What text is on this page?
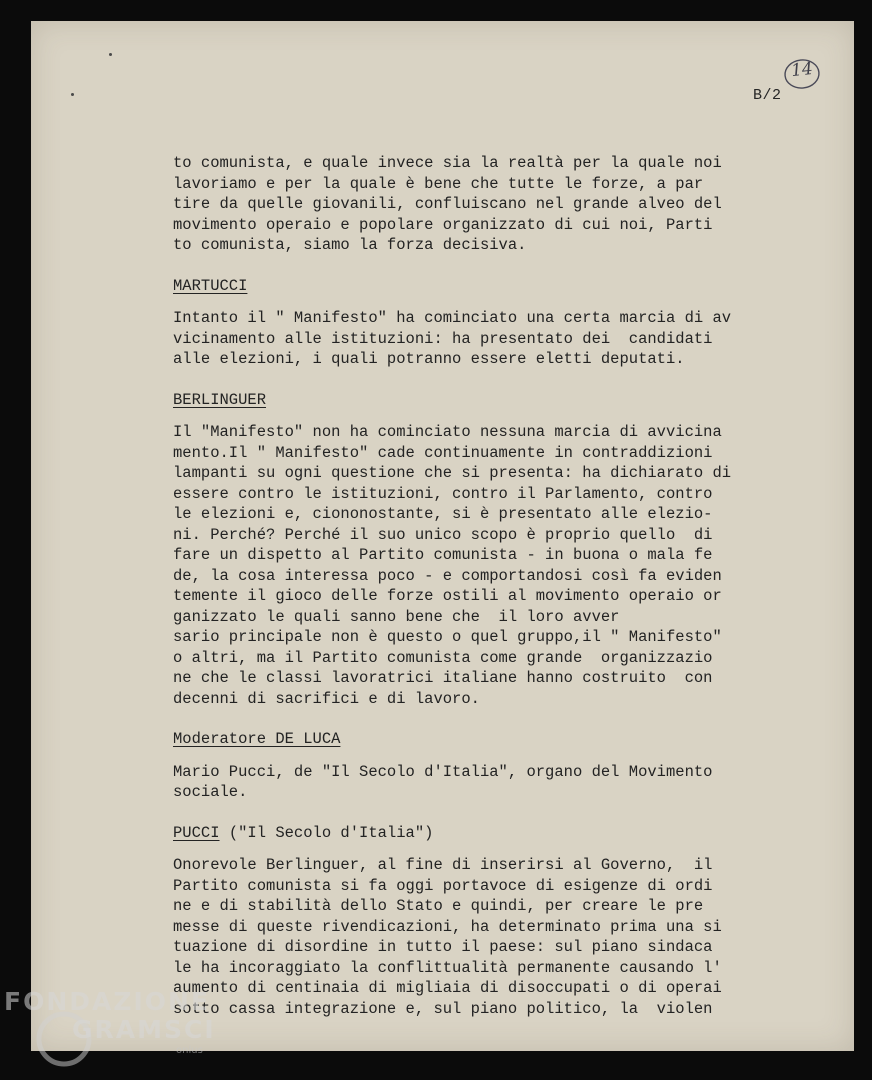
14
B/2

to comunista, e quale invece sia la realtà per la quale noi

lavoriamo e per la quale è bene che tutte le forze, a par

tire da quelle giovanili, confluiscano nel grande alveo del

movimento operaio e popolare organizzato di cui noi, Parti

to comunista, siamo la forza decisiva.

MARTUCCI

Intanto il " Manifesto" ha cominciato una certa marcia di av

vicinamento alle istituzioni: ha presentato dei  candidati

alle elezioni, i quali potranno essere eletti deputati.

BERLINGUER

Il "Manifesto" non ha cominciato nessuna marcia di avvicina

mento.Il " Manifesto" cade continuamente in contraddizioni

lampanti su ogni questione che si presenta: ha dichiarato di

essere contro le istituzioni, contro il Parlamento, contro

le elezioni e, ciononostante, si è presentato alle elezio-

ni. Perché? Perché il suo unico scopo è proprio quello  di

fare un dispetto al Partito comunista - in buona o mala fe

de, la cosa interessa poco - e comportandosi così fa eviden

temente il gioco delle forze ostili al movimento operaio or

ganizzato le quali sanno bene che  il loro avver

sario principale non è questo o quel gruppo,il " Manifesto"

o altri, ma il Partito comunista come grande  organizzazio

ne che le classi lavoratrici italiane hanno costruito  con

decenni di sacrifici e di lavoro.

Moderatore DE LUCA

Mario Pucci, de "Il Secolo d'Italia", organo del Movimento

sociale.

PUCCI ("Il Secolo d'Italia")

Onorevole Berlinguer, al fine di inserirsi al Governo,  il

Partito comunista si fa oggi portavoce di esigenze di ordi

ne e di stabilità dello Stato e quindi, per creare le pre

messe di queste rivendicazioni, ha determinato prima una si

tuazione di disordine in tutto il paese: sul piano sindaca

le ha incoraggiato la conflittualità permanente causando l'

aumento di centinaia di migliaia di disoccupati o di operai

sotto cassa integrazione e, sul piano politico, la  violen

FONDAZIONE
GRAMSCI
onlus
